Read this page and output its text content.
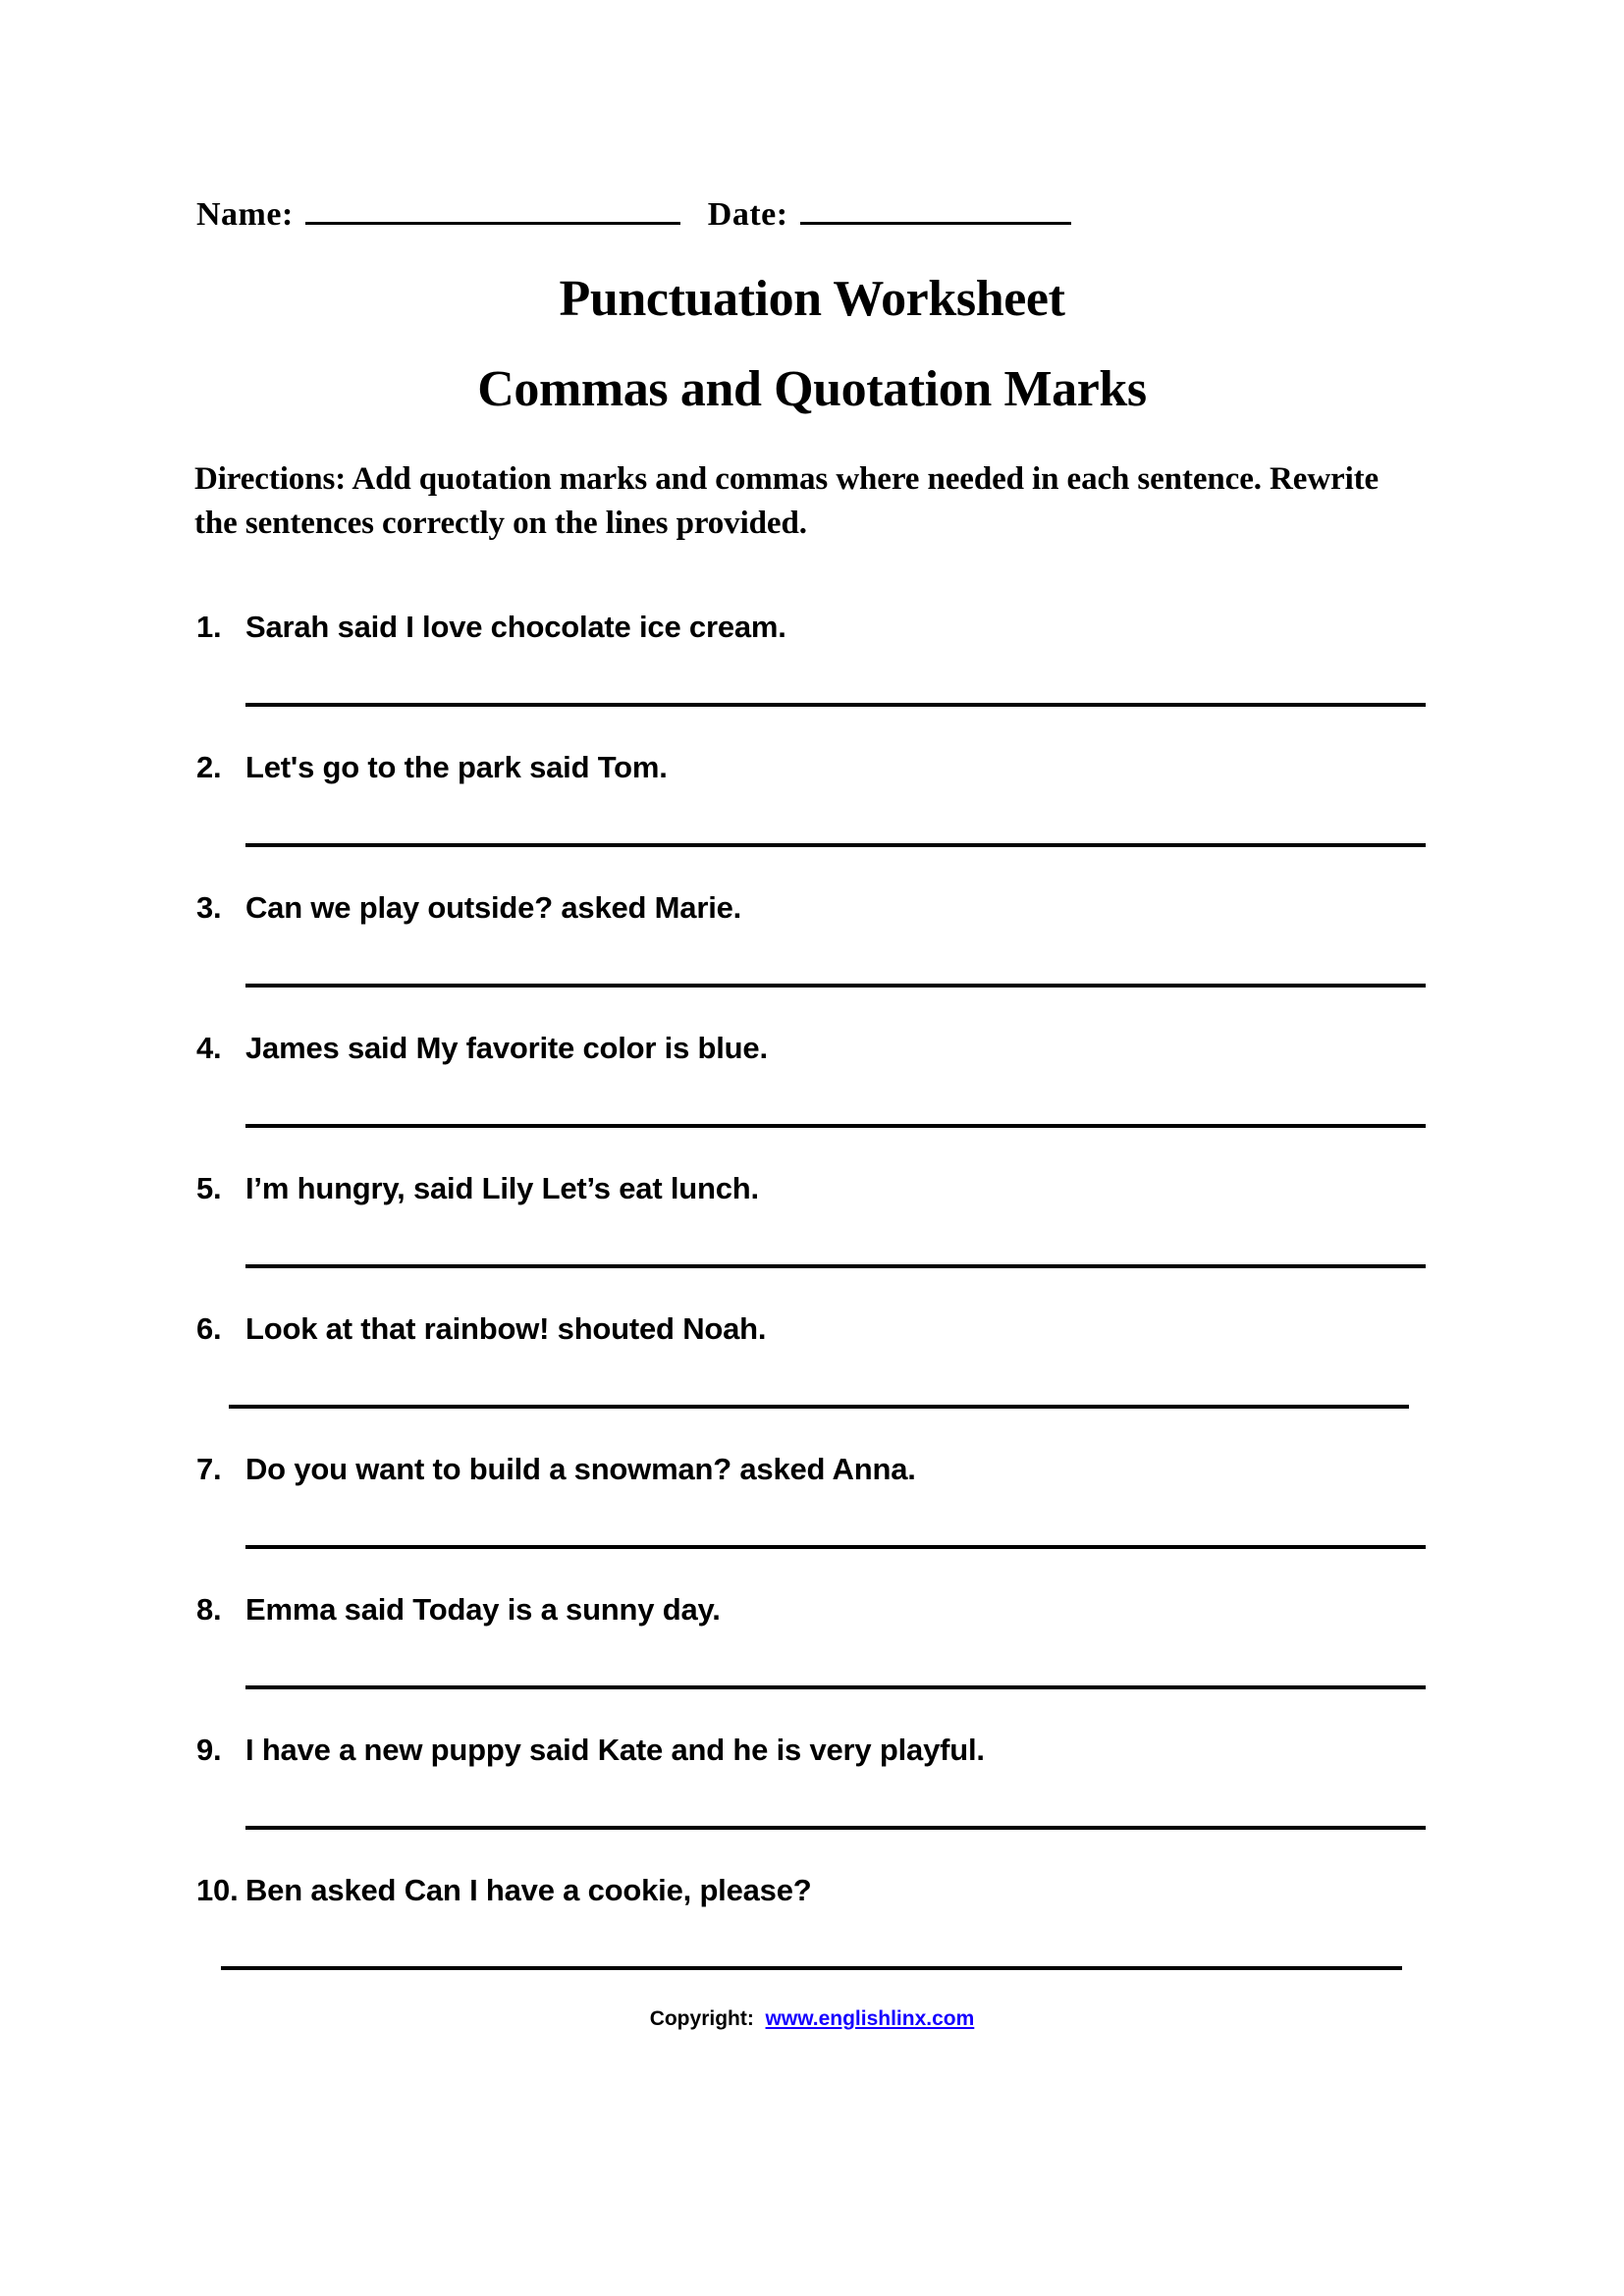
Name:	Date:
Punctuation Worksheet
Commas and Quotation Marks
Directions: Add quotation marks and commas where needed in each sentence. Rewrite the sentences correctly on the lines provided.
1. Sarah said I love chocolate ice cream.
2. Let's go to the park said Tom.
3. Can we play outside? asked Marie.
4. James said My favorite color is blue.
5. I’m hungry, said Lily Let’s eat lunch.
6. Look at that rainbow! shouted Noah.
7. Do you want to build a snowman? asked Anna.
8. Emma said Today is a sunny day.
9. I have a new puppy said Kate and he is very playful.
10. Ben asked Can I have a cookie, please?
Copyright: www.englishlinx.com
